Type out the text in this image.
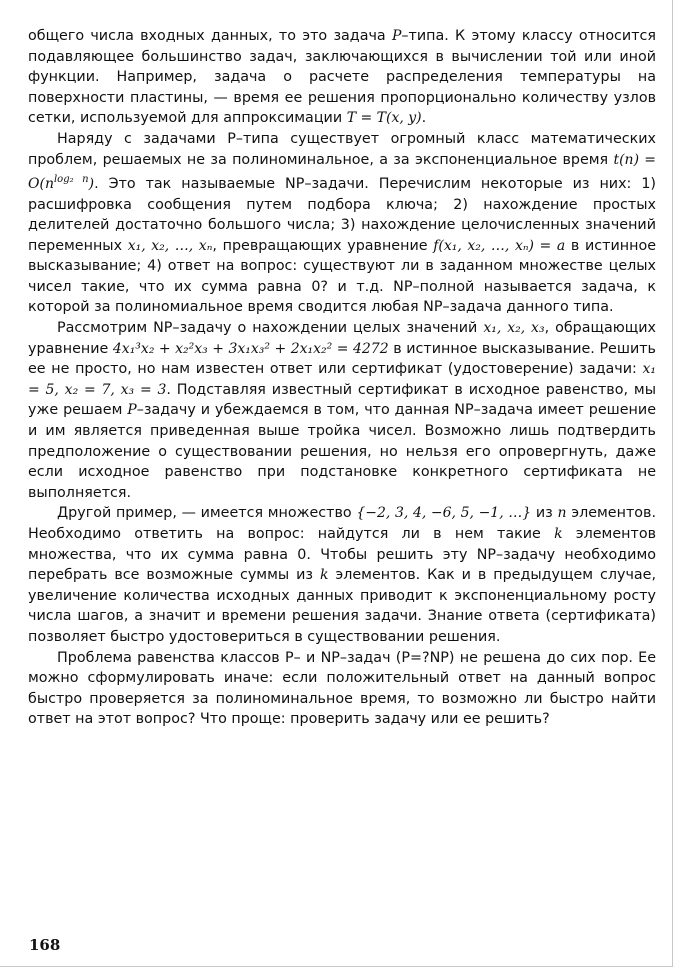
общего числа входных данных, то это задача P–типа. К этому классу относится подавляющее большинство задач, заключающихся в вычислении той или иной функции. Например, задача о расчете распределения температуры на поверхности пластины, — время ее решения пропорционально количеству узлов сетки, используемой для аппроксимации T = T(x, y).

Наряду с задачами P–типа существует огромный класс математических проблем, решаемых не за полиноминальное, а за экспоненциальное время $t(n) = O(n^{log_2 n})$. Это так называемые NP–задачи. Перечислим некоторые из них: 1) расшифровка сообщения путем подбора ключа; 2) нахождение простых делителей достаточно большого числа; 3) нахождение целочисленных значений переменных x₁, x₂, …, xₙ, превращающих уравнение f(x₁, x₂, …, xₙ) = a в истинное высказывание; 4) ответ на вопрос: существуют ли в заданном множестве целых чисел такие, что их сумма равна 0? и т.д. NP–полной называется задача, к которой за полиномиальное время сводится любая NP–задача данного типа.

Рассмотрим NP–задачу о нахождении целых значений x₁, x₂, x₃, обращающих уравнение 4x₁³x₂ + x₂²x₃ + 3x₁x₃² + 2x₁x₂² = 4272 в истинное высказывание. Решить ее не просто, но нам известен ответ или сертификат (удостоверение) задачи: x₁ = 5, x₂ = 7, x₃ = 3. Подставляя известный сертификат в исходное равенство, мы уже решаем P–задачу и убеждаемся в том, что данная NP–задача имеет решение и им является приведенная выше тройка чисел. Возможно лишь подтвердить предположение о существовании решения, но нельзя его опровергнуть, даже если исходное равенство при подстановке конкретного сертификата не выполняется.

Другой пример, — имеется множество {−2, 3, 4, −6, 5, −1, …} из n элементов. Необходимо ответить на вопрос: найдутся ли в нем такие k элементов множества, что их сумма равна 0. Чтобы решить эту NP–задачу необходимо перебрать все возможные суммы из k элементов. Как и в предыдущем случае, увеличение количества исходных данных приводит к экспоненциальному росту числа шагов, а значит и времени решения задачи. Знание ответа (сертификата) позволяет быстро удостовериться в существовании решения.

Проблема равенства классов P– и NP–задач (P=?NP) не решена до сих пор. Ее можно сформулировать иначе: если положительный ответ на данный вопрос быстро проверяется за полиноминальное время, то возможно ли быстро найти ответ на этот вопрос? Что проще: проверить задачу или ее решить?

168
